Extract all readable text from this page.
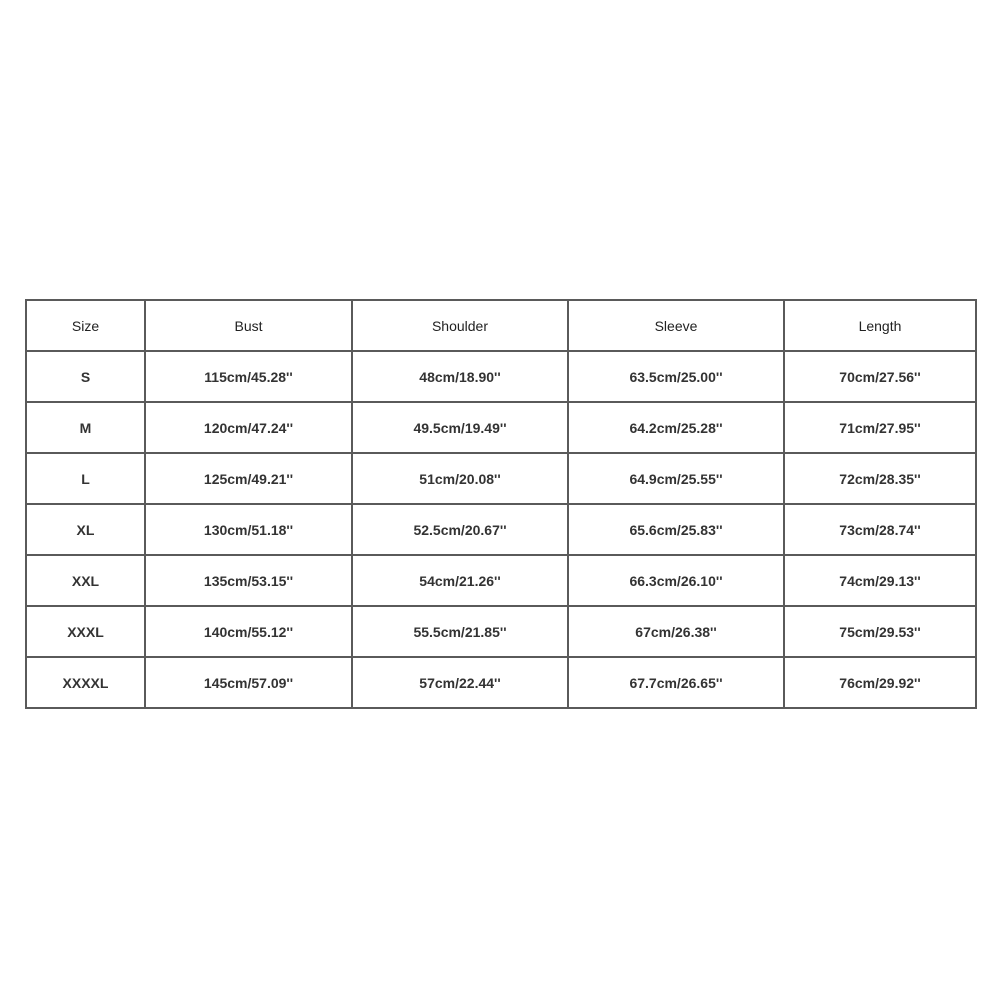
Size	Bust	Shoulder	Sleeve	Length
S	115cm/45.28''	48cm/18.90''	63.5cm/25.00''	70cm/27.56''
M	120cm/47.24''	49.5cm/19.49''	64.2cm/25.28''	71cm/27.95''
L	125cm/49.21''	51cm/20.08''	64.9cm/25.55''	72cm/28.35''
XL	130cm/51.18''	52.5cm/20.67''	65.6cm/25.83''	73cm/28.74''
XXL	135cm/53.15''	54cm/21.26''	66.3cm/26.10''	74cm/29.13''
XXXL	140cm/55.12''	55.5cm/21.85''	67cm/26.38''	75cm/29.53''
XXXXL	145cm/57.09''	57cm/22.44''	67.7cm/26.65''	76cm/29.92''
